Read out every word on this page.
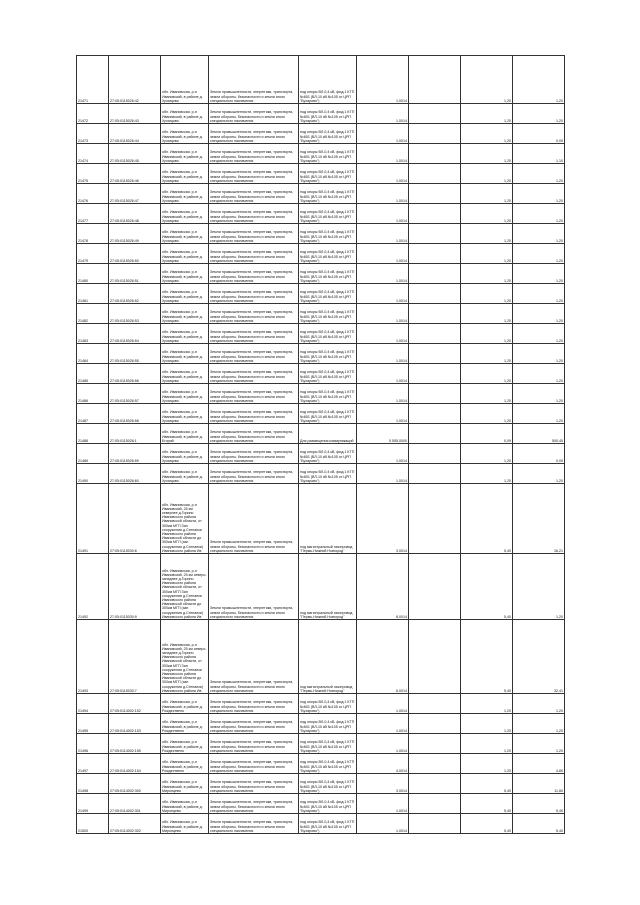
21471	27:05:0115026:42	обл. Ивановская, р-н Ивановский, в районе д. Хромцово	Земли промышленности, энергетики, транспорта, земли обороны, безопасности и земли иного специального назначения	под опоры ВЛ-0,4 кВ, фид.1 КТП №601 (ВЛ-10 кВ №105 от ЦРП "Бухарово")	1,0014		1,20	1,20
21472	27:05:0115026:43	обл. Ивановская, р-н Ивановский, в районе д. Хромцово	Земли промышленности, энергетики, транспорта, земли обороны, безопасности и земли иного специального назначения	под опоры ВЛ-0,4 кВ, фид.1 КТП №601 (ВЛ-10 кВ №105 от ЦРП "Бухарово")	1,0014		1,20	1,20
21473	27:05:0115026:44	обл. Ивановская, р-н Ивановский, в районе д. Хромцово	Земли промышленности, энергетики, транспорта, земли обороны, безопасности и земли иного специального назначения	под опоры ВЛ-0,4 кВ, фид.1 КТП №601 (ВЛ-10 кВ №105 от ЦРП "Бухарово")	1,0014		1,20	0,05
21474	27:05:0115026:45	обл. Ивановская, р-н Ивановский, в районе д. Хромцово	Земли промышленности, энергетики, транспорта, земли обороны, безопасности и земли иного специального назначения	под опоры ВЛ-0,4 кВ, фид.1 КТП №601 (ВЛ-10 кВ №105 от ЦРП "Бухарово")	1,0014		1,20	1,10
21475	27:05:0115026:46	обл. Ивановская, р-н Ивановский, в районе д. Хромцово	Земли промышленности, энергетики, транспорта, земли обороны, безопасности и земли иного специального назначения	под опоры ВЛ-0,4 кВ, фид.1 КТП №601 (ВЛ-10 кВ №105 от ЦРП "Бухарово")	1,0014		1,20	1,20
21476	27:05:0115026:47	обл. Ивановская, р-н Ивановский, в районе д. Хромцово	Земли промышленности, энергетики, транспорта, земли обороны, безопасности и земли иного специального назначения	под опоры ВЛ-0,4 кВ, фид.1 КТП №601 (ВЛ-10 кВ №105 от ЦРП "Бухарово")	1,0014		1,20	1,20
21477	27:05:0115026:48	обл. Ивановская, р-н Ивановский, в районе д. Хромцово	Земли промышленности, энергетики, транспорта, земли обороны, безопасности и земли иного специального назначения	под опоры ВЛ-0,4 кВ, фид.1 КТП №601 (ВЛ-10 кВ №105 от ЦРП "Бухарово")	1,0014		1,20	1,20
21478	27:05:0115026:49	обл. Ивановская, р-н Ивановский, в районе д. Хромцово	Земли промышленности, энергетики, транспорта, земли обороны, безопасности и земли иного специального назначения	под опоры ВЛ-0,4 кВ, фид.1 КТП №601 (ВЛ-10 кВ №105 от ЦРП "Бухарово")	1,0014		1,20	1,20
21479	27:05:0115026:50	обл. Ивановская, р-н Ивановский, в районе д. Хромцово	Земли промышленности, энергетики, транспорта, земли обороны, безопасности и земли иного специального назначения	под опоры ВЛ-0,4 кВ, фид.1 КТП №601 (ВЛ-10 кВ №105 от ЦРП "Бухарово")	1,0014		1,20	1,20
21480	27:05:0115026:51	обл. Ивановская, р-н Ивановский, в районе д. Хромцово	Земли промышленности, энергетики, транспорта, земли обороны, безопасности и земли иного специального назначения	под опоры ВЛ-0,4 кВ, фид.1 КТП №601 (ВЛ-10 кВ №105 от ЦРП "Бухарово")	1,0014		1,20	1,20
21481	27:05:0115026:52	обл. Ивановская, р-н Ивановский, в районе д. Хромцово	Земли промышленности, энергетики, транспорта, земли обороны, безопасности и земли иного специального назначения	под опоры ВЛ-0,4 кВ, фид.1 КТП №601 (ВЛ-10 кВ №105 от ЦРП "Бухарово")	1,0014		1,20	1,20
21482	27:05:0115026:53	обл. Ивановская, р-н Ивановский, в районе д. Хромцово	Земли промышленности, энергетики, транспорта, земли обороны, безопасности и земли иного специального назначения	под опоры ВЛ-0,4 кВ, фид.1 КТП №601 (ВЛ-10 кВ №105 от ЦРП "Бухарово")	1,0014		1,20	1,20
21483	27:05:0115026:54	обл. Ивановская, р-н Ивановский, в районе д. Хромцово	Земли промышленности, энергетики, транспорта, земли обороны, безопасности и земли иного специального назначения	под опоры ВЛ-0,4 кВ, фид.1 КТП №601 (ВЛ-10 кВ №105 от ЦРП "Бухарово")	1,0014		1,20	1,20
21484	27:05:0115026:55	обл. Ивановская, р-н Ивановский, в районе д. Хромцово	Земли промышленности, энергетики, транспорта, земли обороны, безопасности и земли иного специального назначения	под опоры ВЛ-0,4 кВ, фид.1 КТП №601 (ВЛ-10 кВ №105 от ЦРП "Бухарово")	1,0014		1,20	1,20
21485	27:05:0115026:56	обл. Ивановская, р-н Ивановский, в районе д. Хромцово	Земли промышленности, энергетики, транспорта, земли обороны, безопасности и земли иного специального назначения	под опоры ВЛ-0,4 кВ, фид.1 КТП №601 (ВЛ-10 кВ №105 от ЦРП "Бухарово")	1,0014		1,20	1,20
21486	27:05:0115026:57	обл. Ивановская, р-н Ивановский, в районе д. Хромцово	Земли промышленности, энергетики, транспорта, земли обороны, безопасности и земли иного специального назначения	под опоры ВЛ-0,4 кВ, фид.1 КТП №601 (ВЛ-10 кВ №105 от ЦРП "Бухарово")	1,0014		1,20	1,20
21487	27:05:0115026:58	обл. Ивановская, р-н Ивановский, в районе д. Хромцово	Земли промышленности, энергетики, транспорта, земли обороны, безопасности и земли иного специального назначения	под опоры ВЛ-0,4 кВ, фид.1 КТП №601 (ВЛ-10 кВ №105 от ЦРП "Бухарово")	1,0014		1,20	1,20
21488	27:05:0115026:1	обл. Ивановская, р-н Ивановский, в районе д. Егорий	Земли промышленности, энергетики, транспорта, земли обороны, безопасности и земли иного специального назначения	Для размещения коммуникаций	5 555,0000		0,09	500,45
21489	27:05:0115026:59	обл. Ивановская, р-н Ивановский, в районе д. Хромцово	Земли промышленности, энергетики, транспорта, земли обороны, безопасности и земли иного специального назначения	под опоры ВЛ-0,4 кВ, фид.1 КТП №601 (ВЛ-10 кВ №105 от ЦРП "Бухарово")	1,0014		1,20	0,05
21490	27:05:0115026:60	обл. Ивановская, р-н Ивановский, в районе д. Хромцово	Земли промышленности, энергетики, транспорта, земли обороны, безопасности и земли иного специального назначения	под опоры ВЛ-0,4 кВ, фид.1 КТП №601 (ВЛ-10 кВ №105 от ЦРП "Бухарово")	1,0014		1,20	1,20
21491	27:05:0115030:6	обл. Ивановская, р-н Ивановский, 25 км севернее д.Горино Ивановского района Ивановской области, от 300км МГП Зап сооружения д.Степанки Ивановского района Ивановской области до 300км МГП (зап сооружения д.Степанки) Ивановского района Ив	Земли промышленности, энергетики, транспорта, земли обороны, безопасности и земли иного специального назначения	под магистральный газопровод "Пермь-Нижний Новгород"	3,0014		5,40	16,21
21492	27:05:0115030:9	обл. Ивановская, р-н Ивановский, 25 км северо-западнее д.Горино Ивановского района Ивановской области, от 300км МГП Зап сооружения д.Степанки Ивановского района Ивановской области до 300км МГП (зап сооружения д.Степанки) Ивановского района Ив	Земли промышленности, энергетики, транспорта, земли обороны, безопасности и земли иного специального назначения	под магистральный газопровод "Пермь-Нижний Новгород"	8,0014		5,40	1,20
21493	27:05:0115030:7	обл. Ивановская, р-н Ивановский, 25 км северо-западнее д.Горино Ивановского района Ивановской области, от 300км МГП Зап сооружения д.Степанки Ивановского района Ивановской области до 300км МГП (зап сооружения д.Степанки) Ивановского района Ив	Земли промышленности, энергетики, транспорта, земли обороны, безопасности и земли иного специального назначения	под магистральный газопровод "Пермь-Нижний Новгород"	6,0014		5,40	32,41
21494	27:05:0114002:152	обл. Ивановская, р-н Ивановский, в районе д. Рождествено	Земли промышленности, энергетики, транспорта, земли обороны, безопасности и земли иного специального назначения	под опоры ВЛ-0,4 кВ, фид.1 КТП №601 (ВЛ-10 кВ №105 от ЦРП "Бухарово")	1,0014		1,20	1,20
21495	27:05:0114002:153	обл. Ивановская, р-н Ивановский, в районе д. Рождествено	Земли промышленности, энергетики, транспорта, земли обороны, безопасности и земли иного специального назначения	под опоры ВЛ-0,4 кВ, фид.1 КТП №601 (ВЛ-10 кВ №105 от ЦРП "Бухарово")	1,0014		1,20	1,20
21496	27:05:0114002:155	обл. Ивановская, р-н Ивановский, в районе д. Рождествено	Земли промышленности, энергетики, транспорта, земли обороны, безопасности и земли иного специального назначения	под опоры ВЛ-0,4 кВ, фид.1 КТП №601 (ВЛ-10 кВ №105 от ЦРП "Бухарово")	1,0014		1,20	1,20
21497	27:05:0114002:154	обл. Ивановская, р-н Ивановский, в районе д. Рождествено	Земли промышленности, энергетики, транспорта, земли обороны, безопасности и земли иного специального назначения	под опоры ВЛ-0,4 кВ, фид.1 КТП №601 (ВЛ-10 кВ №105 от ЦРП "Бухарово")	4,0014		1,20	4,80
21498	27:05:0114002:300	обл. Ивановская, р-н Ивановский, в районе д. Миронцево	Земли промышленности, энергетики, транспорта, земли обороны, безопасности и земли иного специального назначения	под опоры ВЛ-0,4 кВ, фид.1 КТП №601 (ВЛ-10 кВ №105 от ЦРП "Бухарово")	3,0014		5,40	11,60
21499	27:05:0114002:301	обл. Ивановская, р-н Ивановский, в районе д. Миронцево	Земли промышленности, энергетики, транспорта, земли обороны, безопасности и земли иного специального назначения	под опоры ВЛ-0,4 кВ, фид.1 КТП №601 (ВЛ-10 кВ №105 от ЦРП "Бухарово")	1,0014		5,40	5,40
21500	27:05:0114002:302	обл. Ивановская, р-н Ивановский, в районе д. Миронцево	Земли промышленности, энергетики, транспорта, земли обороны, безопасности и земли иного специального назначения	под опоры ВЛ-0,4 кВ, фид.1 КТП №601 (ВЛ-10 кВ №105 от ЦРП "Бухарово")	1,0014		5,40	5,40
